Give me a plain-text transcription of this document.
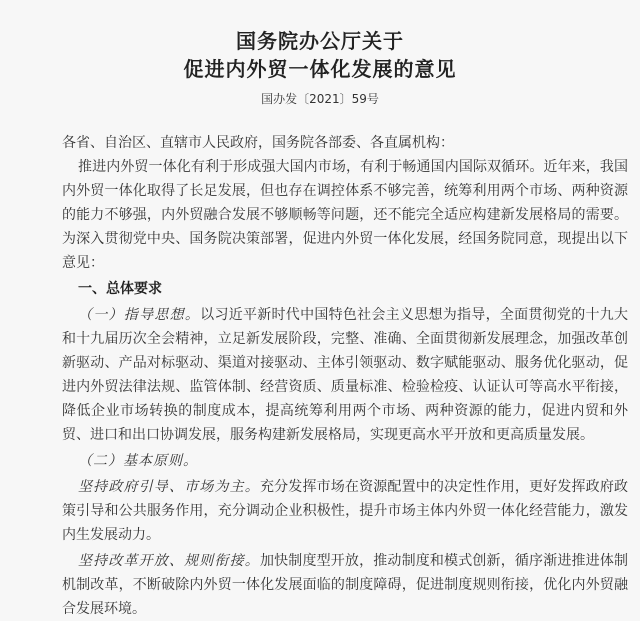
国务院办公厅关于
促进内外贸一体化发展的意见
国办发〔2021〕59号

各省、自治区、直辖市人民政府，国务院各部委、各直属机构：

推进内外贸一体化有利于形成强大国内市场，有利于畅通国内国际双循环。近年来，我国内外贸一体化取得了长足发展，但也存在调控体系不够完善，统筹利用两个市场、两种资源的能力不够强，内外贸融合发展不够顺畅等问题，还不能完全适应构建新发展格局的需要。为深入贯彻党中央、国务院决策部署，促进内外贸一体化发展，经国务院同意，现提出以下意见：

一、总体要求

（一）指导思想。以习近平新时代中国特色社会主义思想为指导，全面贯彻党的十九大和十九届历次全会精神，立足新发展阶段，完整、准确、全面贯彻新发展理念，加强改革创新驱动、产品对标驱动、渠道对接驱动、主体引领驱动、数字赋能驱动、服务优化驱动，促进内外贸法律法规、监管体制、经营资质、质量标准、检验检疫、认证认可等高水平衔接，降低企业市场转换的制度成本，提高统筹利用两个市场、两种资源的能力，促进内贸和外贸、进口和出口协调发展，服务构建新发展格局，实现更高水平开放和更高质量发展。

（二）基本原则。

坚持政府引导、市场为主。充分发挥市场在资源配置中的决定性作用，更好发挥政府政策引导和公共服务作用，充分调动企业积极性，提升市场主体内外贸一体化经营能力，激发内生发展动力。

坚持改革开放、规则衔接。加快制度型开放，推动制度和模式创新，循序渐进推进体制机制改革，不断破除内外贸一体化发展面临的制度障碍，促进制度规则衔接，优化内外贸融合发展环境。
